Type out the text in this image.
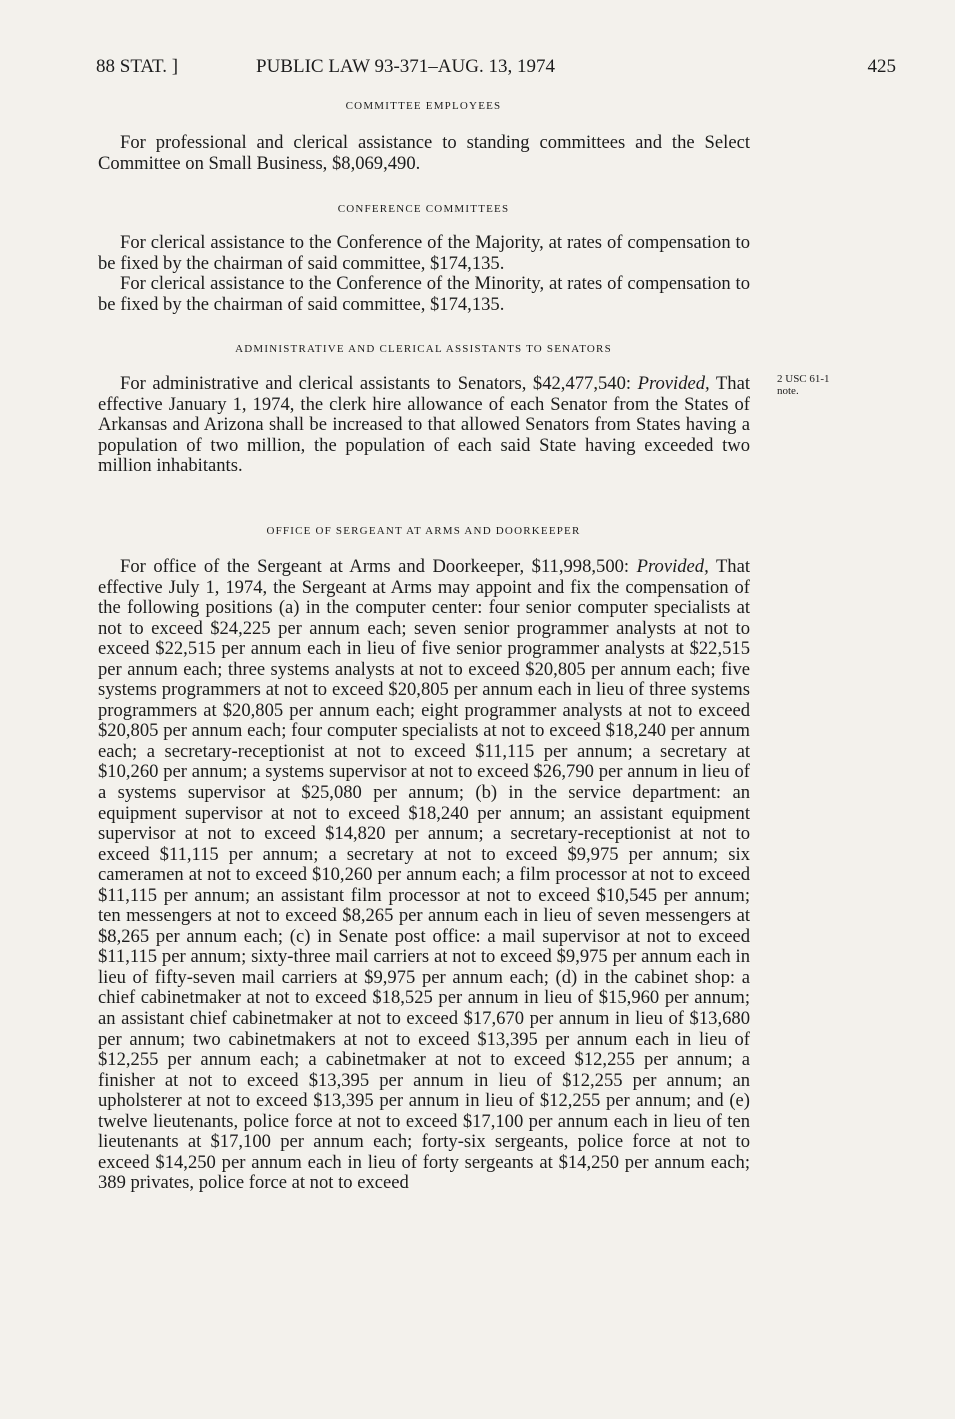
88 STAT. ]	PUBLIC LAW 93-371–AUG. 13, 1974	425
COMMITTEE EMPLOYEES

For professional and clerical assistance to standing committees and the Select Committee on Small Business, $8,069,490.

CONFERENCE COMMITTEES

For clerical assistance to the Conference of the Majority, at rates of compensation to be fixed by the chairman of said committee, $174,135.

For clerical assistance to the Conference of the Minority, at rates of compensation to be fixed by the chairman of said committee, $174,135.

ADMINISTRATIVE AND CLERICAL ASSISTANTS TO SENATORS

For administrative and clerical assistants to Senators, $42,477,540: Provided, That effective January 1, 1974, the clerk hire allowance of each Senator from the States of Arkansas and Arizona shall be increased to that allowed Senators from States having a population of two million, the population of each said State having exceeded two million inhabitants.

2 USC 61-1
note.
OFFICE OF SERGEANT AT ARMS AND DOORKEEPER

For office of the Sergeant at Arms and Doorkeeper, $11,998,500: Provided, That effective July 1, 1974, the Sergeant at Arms may appoint and fix the compensation of the following positions (a) in the computer center: four senior computer specialists at not to exceed $24,225 per annum each; seven senior programmer analysts at not to exceed $22,515 per annum each in lieu of five senior programmer analysts at $22,515 per annum each; three systems analysts at not to exceed $20,805 per annum each; five systems programmers at not to exceed $20,805 per annum each in lieu of three systems programmers at $20,805 per annum each; eight programmer analysts at not to exceed $20,805 per annum each; four computer specialists at not to exceed $18,240 per annum each; a secretary-receptionist at not to exceed $11,115 per annum; a secretary at $10,260 per annum; a systems supervisor at not to exceed $26,790 per annum in lieu of a systems supervisor at $25,080 per annum; (b) in the service department: an equipment supervisor at not to exceed $18,240 per annum; an assistant equipment supervisor at not to exceed $14,820 per annum; a secretary-receptionist at not to exceed $11,115 per annum; a secretary at not to exceed $9,975 per annum; six cameramen at not to exceed $10,260 per annum each; a film processor at not to exceed $11,115 per annum; an assistant film processor at not to exceed $10,545 per annum; ten messengers at not to exceed $8,265 per annum each in lieu of seven messengers at $8,265 per annum each; (c) in Senate post office: a mail supervisor at not to exceed $11,115 per annum; sixty-three mail carriers at not to exceed $9,975 per annum each in lieu of fifty-seven mail carriers at $9,975 per annum each; (d) in the cabinet shop: a chief cabinetmaker at not to exceed $18,525 per annum in lieu of $15,960 per annum; an assistant chief cabinetmaker at not to exceed $17,670 per annum in lieu of $13,680 per annum; two cabinetmakers at not to exceed $13,395 per annum each in lieu of $12,255 per annum each; a cabinetmaker at not to exceed $12,255 per annum; a finisher at not to exceed $13,395 per annum in lieu of $12,255 per annum; an upholsterer at not to exceed $13,395 per annum in lieu of $12,255 per annum; and (e) twelve lieutenants, police force at not to exceed $17,100 per annum each in lieu of ten lieutenants at $17,100 per annum each; forty-six sergeants, police force at not to exceed $14,250 per annum each in lieu of forty sergeants at $14,250 per annum each; 389 privates, police force at not to exceed
